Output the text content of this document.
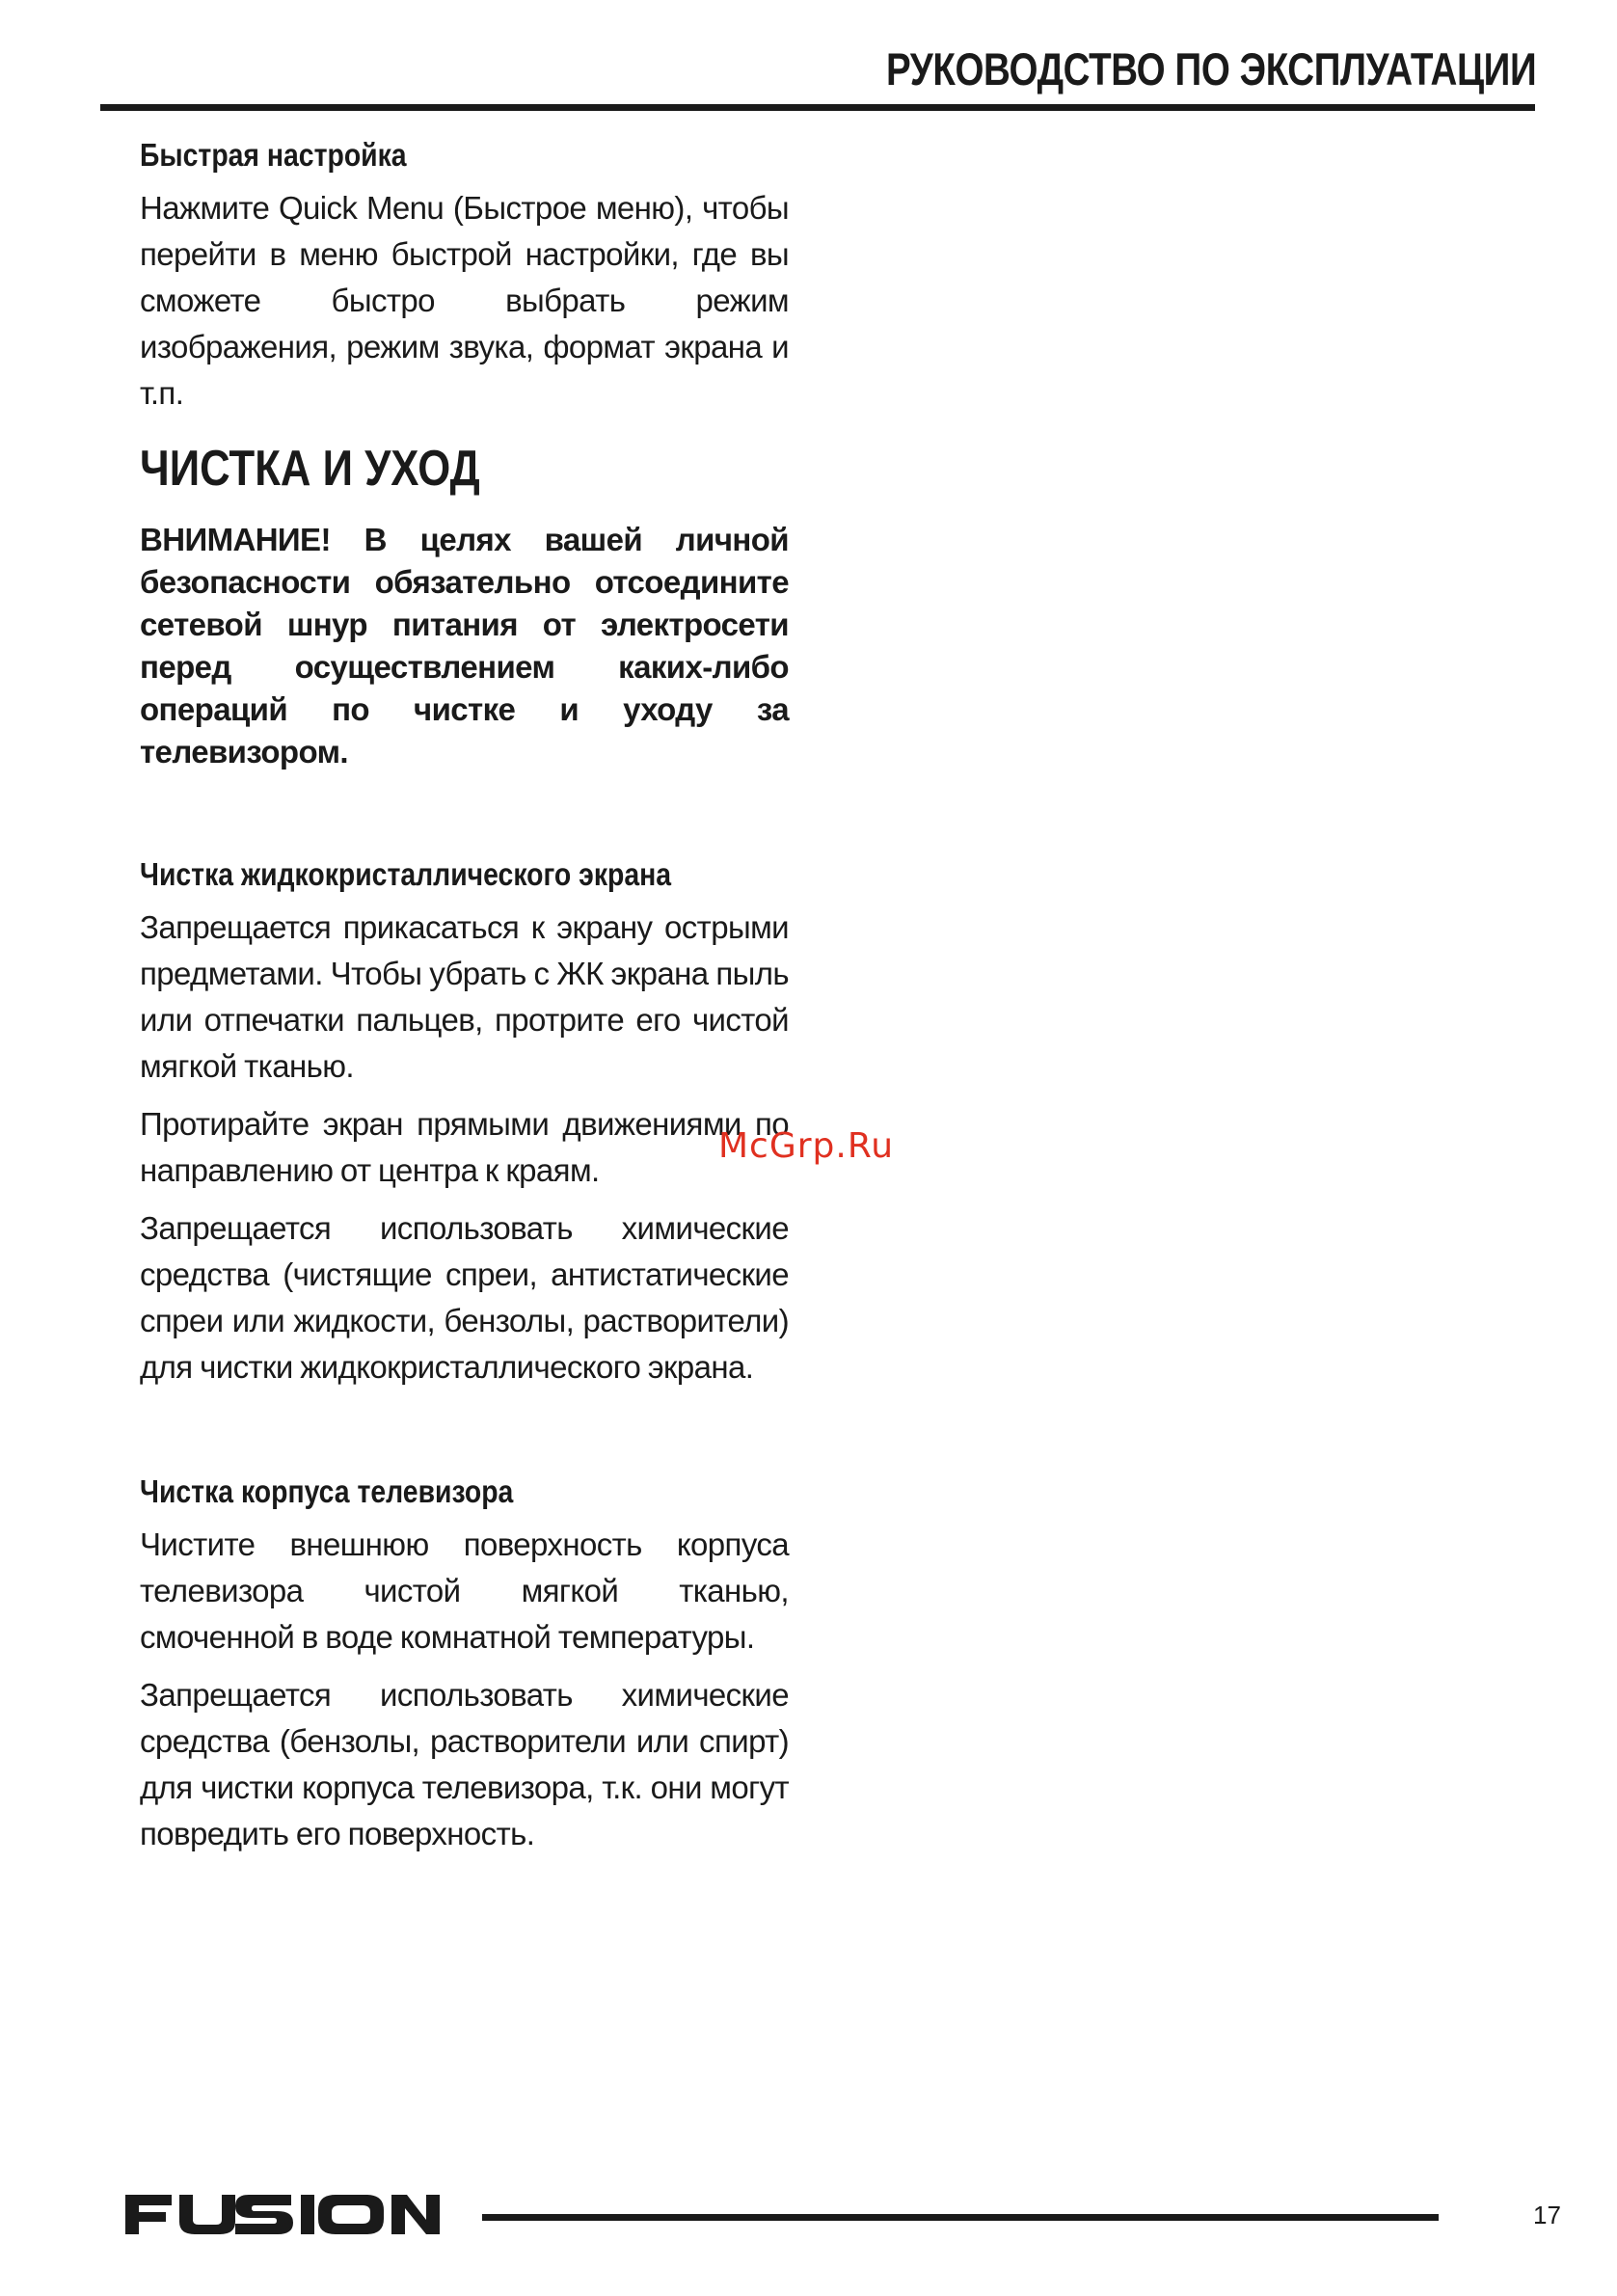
РУКОВОДСТВО ПО ЭКСПЛУАТАЦИИ
Быстрая настройка

Нажмите Quick Menu (Быстрое меню), чтобы перейти в меню быстрой настройки, где вы сможете быстро выбрать режим изображения, режим звука, формат экрана и т.п.

ЧИСТКА И УХОД

ВНИМАНИЕ! В целях вашей личной безопасности обязательно отсоедините сетевой шнур питания от электросети перед осуществлением каких-либо операций по чистке и уходу за телевизором.

Чистка жидкокристаллического экрана

Запрещается прикасаться к экрану острыми предметами. Чтобы убрать с ЖК экрана пыль или отпечатки пальцев, протрите его чистой мягкой тканью.

Протирайте экран прямыми движениями по направлению от центра к краям.

Запрещается использовать химические средства (чистящие спреи, антистатические спреи или жидкости, бензолы, растворители) для чистки жидкокристаллического экрана.

Чистка корпуса телевизора

Чистите внешнюю поверхность корпуса телевизора чистой мягкой тканью, смоченной в воде комнатной температуры.

Запрещается использовать химические средства (бензолы, растворители или спирт) для чистки корпуса телевизора, т.к. они могут повредить его поверхность.

McGrp.Ru
17
